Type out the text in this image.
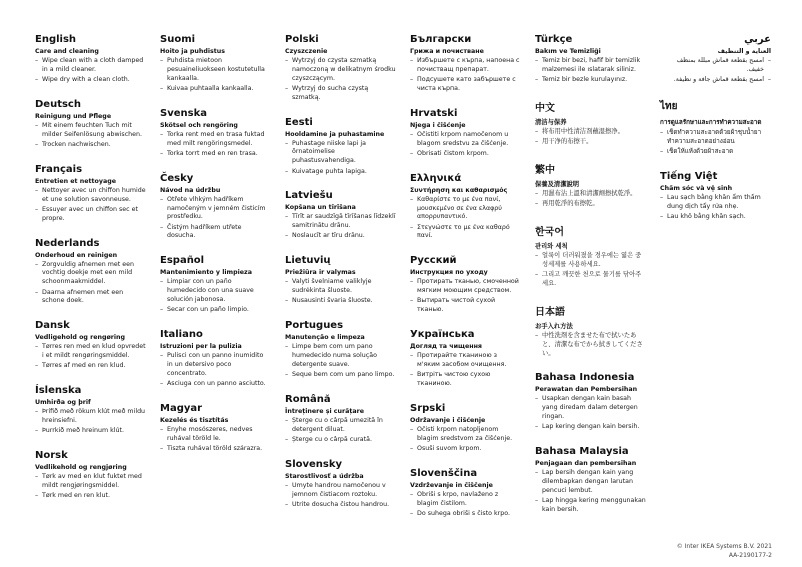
English
Care and cleaning
– Wipe clean with a cloth damped in a mild cleaner.
– Wipe dry with a clean cloth.
Deutsch
Reinigung und Pflege
– Mit einem feuchten Tuch mit milder Seifenlösung abwischen.
– Trocken nachwischen.
Français
Entretien et nettoyage
– Nettoyer avec un chiffon humide et une solution savonneuse.
– Essuyer avec un chiffon sec et propre.
Nederlands
Onderhoud en reinigen
– Zorgvuldig afnemen met een vochtig doekje met een mild schoonmaakmiddel.
– Daarna afnemen met een schone doek.
Dansk
Vedligehold og rengøring
– Tørres ren med en klud opvredet i et mildt rengøringsmiddel.
– Tørres af med en ren klud.
Íslenska
Umhirða og þrif
– Þrífið með rökum klút með mildu hreinsiefni.
– Þurrkið með hreinum klút.
Norsk
Vedlikehold og rengjøring
– Tørk av med en klut fuktet med mildt rengjøringsmiddel.
– Tørk med en ren klut.
Suomi
Hoito ja puhdistus
– Puhdista mietoon pesuaineliuokseen kostutetulla kankaalla.
– Kuivaa puhtaalla kankaalla.
Svenska
Skötsel och rengöring
– Torka rent med en trasa fuktad med milt rengöringsmedel.
– Torka torrt med en ren trasa.
Česky
Návod na údržbu
– Otřete vlhkým hadříkem namočeným v jemném čisticím prostředku.
– Čistým hadříkem utřete dosucha.
Español
Mantenimiento y limpieza
– Limpiar con un paño humedecido con una suave solución jabonosa.
– Secar con un paño limpio.
Italiano
Istruzioni per la pulizia
– Pulisci con un panno inumidito in un detersivo poco concentrato.
– Asciuga con un panno asciutto.
Magyar
Kezelés és tisztítás
– Enyhe mosószeres, nedves ruhával töröld le.
– Tiszta ruhával töröld szárazra.
Polski
Czyszczenie
– Wytrzyj do czysta szmatką namoczoną w delikatnym środku czyszczącym.
– Wytrzyj do sucha czystą szmatką.
Eesti
Hooldamine ja puhastamine
– Puhastage niiske lapi ja õrnatoimelise puhastusvahendiga.
– Kuivatage puhta lapiga.
Latviešu
Kopšana un tīrīšana
– Tīrīt ar saudzīgā tīrīšanas līdzeklī samitrinātu drānu.
– Noslaucīt ar tīru drānu.
Lietuvių
Priežiūra ir valymas
– Valyti švelniame valiklyje sudrėkinta šluoste.
– Nusausinti švaria šluoste.
Portugues
Manutenção e limpeza
– Limpe bem com um pano humedecido numa solução detergente suave.
– Seque bem com um pano limpo.
Română
Întreținere și curățare
– Șterge cu o cârpă umezită în detergent diluat.
– Șterge cu o cârpă curată.
Slovensky
Starostlivosť a údržba
– Umyte handrou namočenou v jemnom čistiacom roztoku.
– Utrite dosucha čistou handrou.
Български
Грижа и почистване
– Избършете с кърпа, напоена с почистващ препарат.
– Подсушете като забършете с чиста кърпа.
Hrvatski
Njega i čišćenje
– Očistiti krpom namočenom u blagom sredstvu za čišćenje.
– Obrisati čistom krpom.
Ελληνικά
Συντήρηση και καθαρισμός
– Καθαρίστε το με ένα πανί, μουσκεμένο σε ένα ελαφρύ απορρυπαντικό.
– Στεγνώστε το με ένα καθαρό πανί.
Русский
Инструкция по уходу
– Протирать тканью, смоченной мягким моющим средством.
– Вытирать чистой сухой тканью.
Українська
Догляд та чищення
– Протирайте тканиною з м'яким засобом очищення.
– Витріть чистою сухою тканиною.
Srpski
Održavanje i čišćenje
– Očisti krpom natopljenom blagim sredstvom za čišćenje.
– Osuši suvom krpom.
Slovenščina
Vzdrževanje in čiščenje
– Obriši s krpo, navlaženo z blagim čistilom.
– Do suhega obriši s čisto krpo.
Türkçe
Bakım ve Temizliği
– Temiz bir bezi, hafif bir temizlik malzemesi ile ıslatarak siliniz.
– Temiz bir bezle kurulayınız.
中文
清洁与保养
– 将布用中性清洁剂蘸湿擦净。
– 用干净的布擦干。
繁中
保養及清潔說明
– 用濕布沾上溫和清潔劑擦拭乾淨。
– 再用乾淨的布擦乾。
한국어
관리와 세척
– 얼룩이 더러워졌을 경우에는 엷은 중성세제를 사용하세요.
– 그리고 깨끗한 천으로 물기를 닦아주세요.
日本語
お手入れ方法
– 中性洗剤を含ませた布で拭いたあと、清潔な布でから拭きしてください。
Bahasa Indonesia
Perawatan dan Pembersihan
– Usapkan dengan kain basah yang diredam dalam detergen ringan.
– Lap kering dengan kain bersih.
Bahasa Malaysia
Penjagaan dan pembersihan
– Lap bersih dengan kain yang dilembapkan dengan larutan pencuci lembut.
– Lap hingga kering menggunakan kain bersih.
عربي
العناية و التنظيف
– امسح بقطعة قماش مبللة بمنظف خفيف.
– امسح بقطعة قماش جافة و نظيفة.
ไทย
การดูแลรักษาและการทำความสะอาด
– เช็ดทำความสะอาดด้วยผ้าชุบน้ำยาทำความสะอาดอย่างอ่อน
– เช็ดให้แห้งด้วยผ้าสะอาด
Tiếng Việt
Chăm sóc và vệ sinh
– Lau sạch bằng khăn ẩm thấm dung dịch tẩy rửa nhẹ.
– Lau khô bằng khăn sạch.
© Inter IKEA Systems B.V. 2021
AA-2190177-2
